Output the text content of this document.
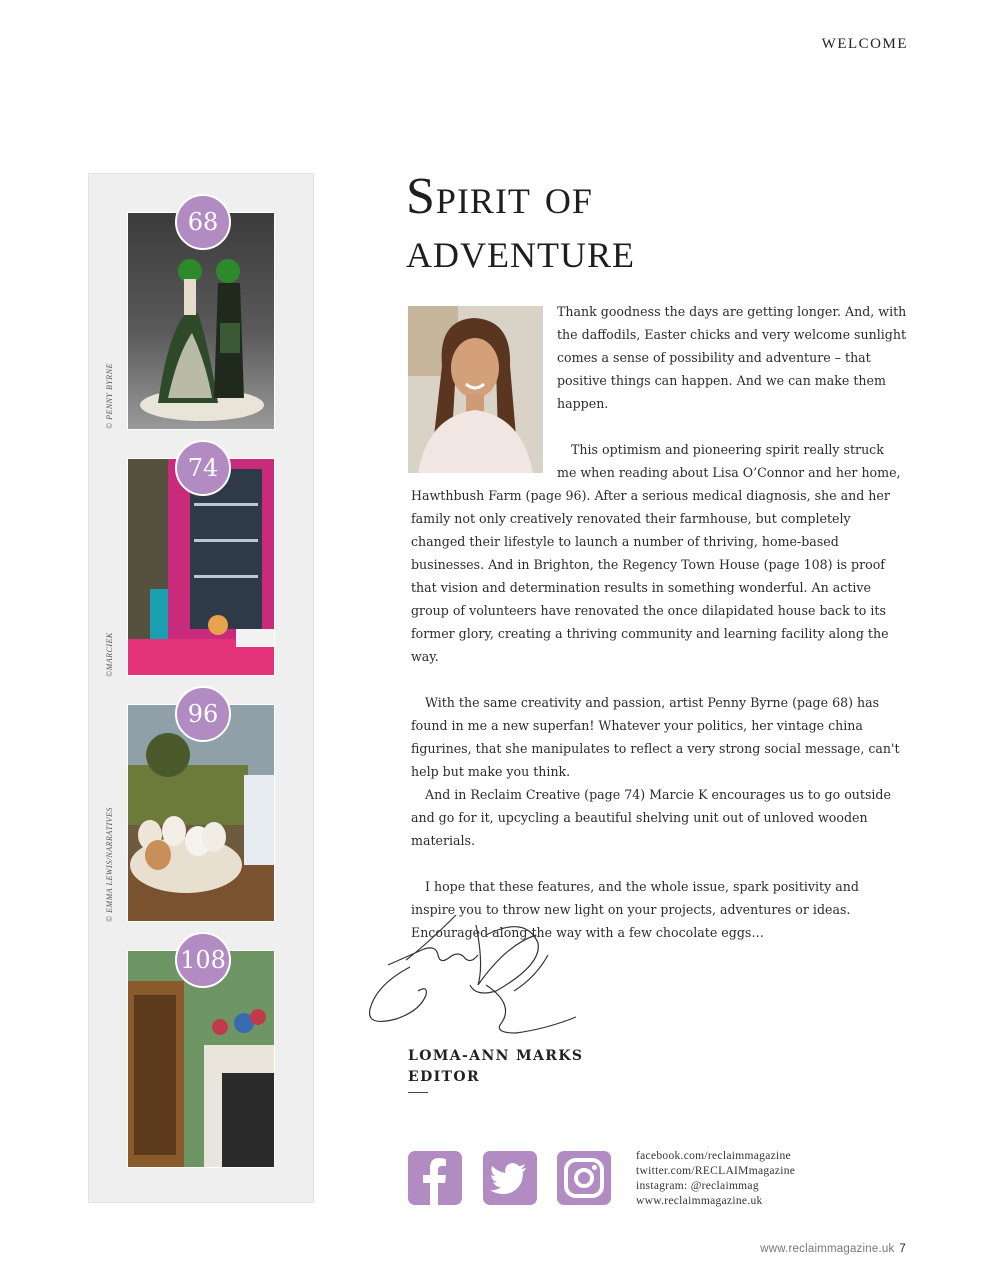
WELCOME
68
© PENNY BYRNE
74
©MARCIEK
96
© EMMA LEWIS/NARRATIVES
108
Spirit of
adventure

Thank goodness the days are getting longer. And, with the daffodils, Easter chicks and very welcome sunlight comes a sense of possibility and adventure – that positive things can happen. And we can make them happen.

This optimism and pioneering spirit really struck me when reading about Lisa O’Connor and her home, Hawthbush Farm (page 96). After a serious medical diagnosis, she and her family not only creatively renovated their farmhouse, but completely changed their lifestyle to launch a number of thriving, home-based businesses. And in Brighton, the Regency Town House (page 108) is proof that vision and determination results in something wonderful. An active group of volunteers have renovated the once dilapidated house back to its former glory, creating a thriving community and learning facility along the way.

With the same creativity and passion, artist Penny Byrne (page 68) has found in me a new superfan! Whatever your politics, her vintage china figurines, that she manipulates to reflect a very strong social message, can't help but make you think.

And in Reclaim Creative (page 74) Marcie K encourages us to go outside and go for it, upcycling a beautiful shelving unit out of unloved wooden materials.

I hope that these features, and the whole issue, spark positivity and inspire you to throw new light on your projects, adventures or ideas. Encouraged along the way with a few chocolate eggs…

LOMA-ANN MARKS
EDITOR
facebook.com/reclaimmagazine
twitter.com/RECLAIMmagazine
instagram: @reclaimmag
www.reclaimmagazine.uk
www.reclaimmagazine.uk 7
